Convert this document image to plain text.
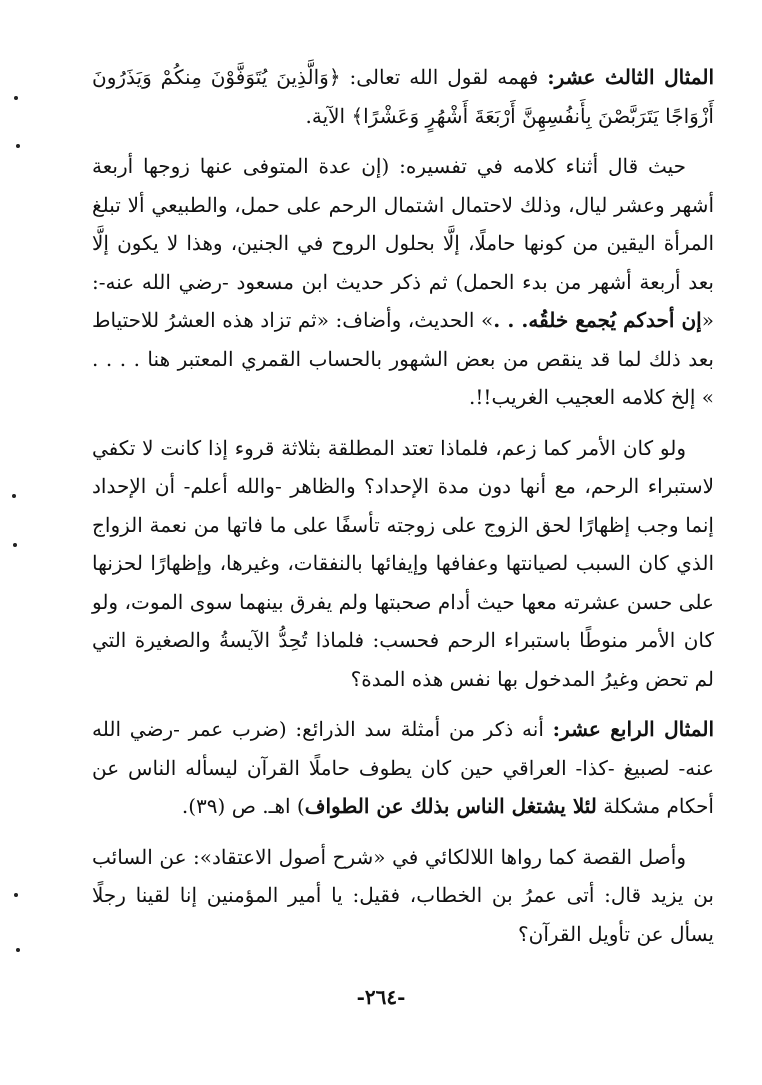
المثال الثالث عشر: فهمه لقول الله تعالى: ﴿وَالَّذِينَ يُتَوَفَّوْنَ مِنكُمْ وَيَذَرُونَ أَزْوَاجًا يَتَرَبَّصْنَ بِأَنفُسِهِنَّ أَرْبَعَةَ أَشْهُرٍ وَعَشْرًا﴾ الآية.

حيث قال أثناء كلامه في تفسيره: (إن عدة المتوفى عنها زوجها أربعة أشهر وعشر ليال، وذلك لاحتمال اشتمال الرحم على حمل، والطبيعي ألا تبلغ المرأة اليقين من كونها حاملًا، إلَّا بحلول الروح في الجنين، وهذا لا يكون إلَّا بعد أربعة أشهر من بدء الحمل) ثم ذكر حديث ابن مسعود -رضي الله عنه-: «إن أحدكم يُجمع خلقُه. . .» الحديث، وأضاف: «ثم تزاد هذه العشرُ للاحتياط بعد ذلك لما قد ينقص من بعض الشهور بالحساب القمري المعتبر هنا . . . . » إلخ كلامه العجيب الغريب!!.

ولو كان الأمر كما زعم، فلماذا تعتد المطلقة بثلاثة قروء إذا كانت لا تكفي لاستبراء الرحم، مع أنها دون مدة الإحداد؟ والظاهر -والله أعلم- أن الإحداد إنما وجب إظهارًا لحق الزوج على زوجته تأسفًا على ما فاتها من نعمة الزواج الذي كان السبب لصيانتها وعفافها وإيفائها بالنفقات، وغيرها، وإظهارًا لحزنها على حسن عشرته معها حيث أدام صحبتها ولم يفرق بينهما سوى الموت، ولو كان الأمر منوطًا باستبراء الرحم فحسب: فلماذا تُحِدُّ الآيسةُ والصغيرة التي لم تحض وغيرُ المدخول بها نفس هذه المدة؟

المثال الرابع عشر: أنه ذكر من أمثلة سد الذرائع: (ضرب عمر -رضي الله عنه- لصبيغ -كذا- العراقي حين كان يطوف حاملًا القرآن ليسأله الناس عن أحكام مشكلة لئلا يشتغل الناس بذلك عن الطواف) اهـ. ص (٣٩).

وأصل القصة كما رواها اللالكائي في «شرح أصول الاعتقاد»: عن السائب بن يزيد قال: أتى عمرُ بن الخطاب، فقيل: يا أمير المؤمنين إنا لقينا رجلًا يسأل عن تأويل القرآن؟

-٢٦٤-
